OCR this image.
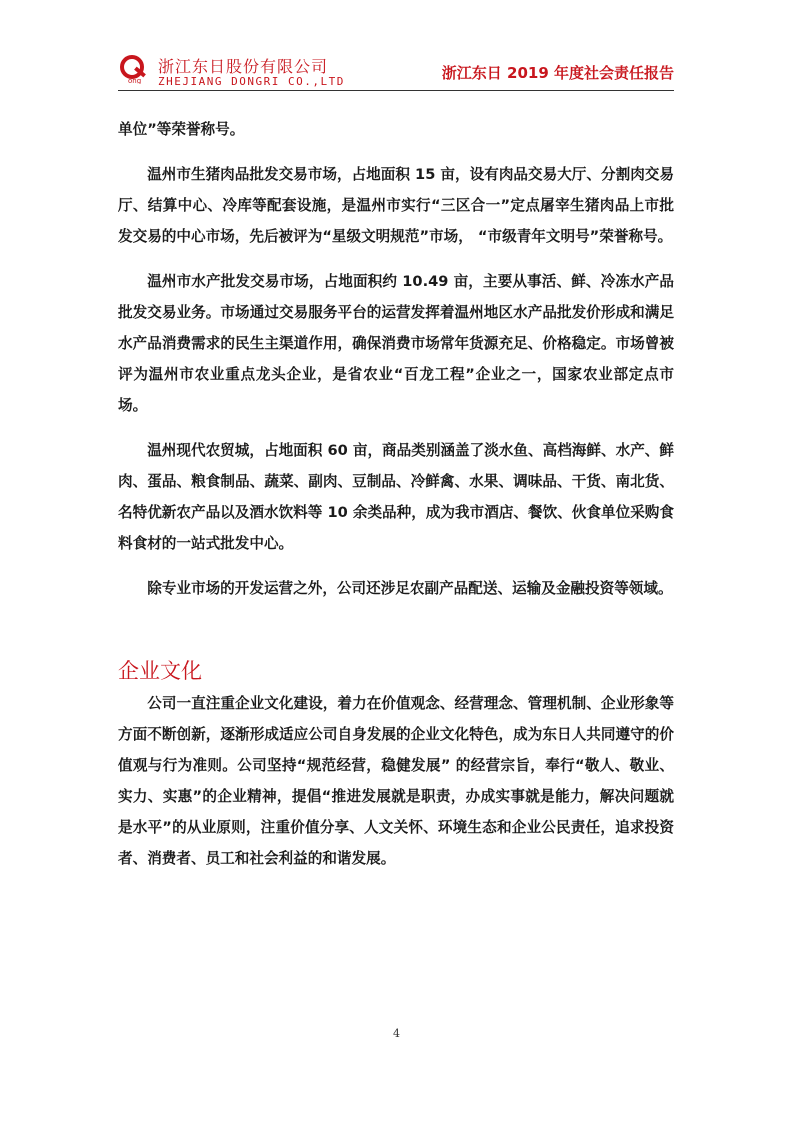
ong
浙江东日股份有限公司
ZHEJIANG DONGRI CO.,LTD	浙江东日 2019 年度社会责任报告

单位”等荣誉称号。

温州市生猪肉品批发交易市场，占地面积 15 亩，设有肉品交易大厅、分割肉交易厅、结算中心、冷库等配套设施，是温州市实行“三区合一”定点屠宰生猪肉品上市批发交易的中心市场，先后被评为“星级文明规范”市场， “市级青年文明号”荣誉称号。

温州市水产批发交易市场，占地面积约 10.49 亩，主要从事活、鲜、冷冻水产品批发交易业务。市场通过交易服务平台的运营发挥着温州地区水产品批发价形成和满足水产品消费需求的民生主渠道作用，确保消费市场常年货源充足、价格稳定。市场曾被评为温州市农业重点龙头企业，是省农业“百龙工程”企业之一，国家农业部定点市场。

温州现代农贸城，占地面积 60 亩，商品类别涵盖了淡水鱼、高档海鲜、水产、鲜肉、蛋品、粮食制品、蔬菜、副肉、豆制品、冷鲜禽、水果、调味品、干货、南北货、名特优新农产品以及酒水饮料等 10 余类品种，成为我市酒店、餐饮、伙食单位采购食料食材的一站式批发中心。

除专业市场的开发运营之外，公司还涉足农副产品配送、运输及金融投资等领域。

企业文化

公司一直注重企业文化建设，着力在价值观念、经营理念、管理机制、企业形象等方面不断创新，逐渐形成适应公司自身发展的企业文化特色，成为东日人共同遵守的价值观与行为准则。公司坚持“规范经营，稳健发展” 的经营宗旨，奉行“敬人、敬业、实力、实惠”的企业精神，提倡“推进发展就是职责，办成实事就是能力，解决问题就是水平”的从业原则，注重价值分享、人文关怀、环境生态和企业公民责任，追求投资者、消费者、员工和社会利益的和谐发展。

4
